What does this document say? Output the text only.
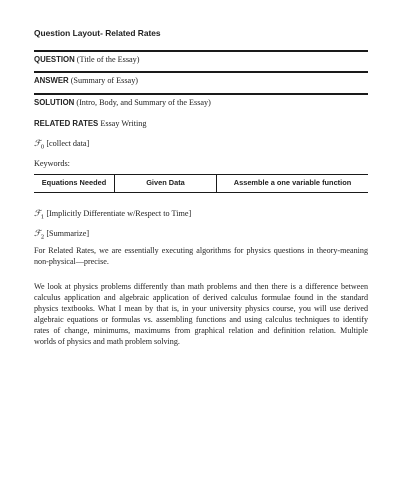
Question Layout- Related Rates
QUESTION (Title of the Essay)
ANSWER (Summary of Essay)
SOLUTION (Intro, Body, and Summary of the Essay)
RELATED RATES Essay Writing
ℱ$_0$ [collect data]
Keywords:
Equations Needed	Given Data	Assemble a one variable function
ℱ$_1$ [Implicitly Differentiate w/Respect to Time]
ℱ$_2$ [Summarize]
For Related Rates, we are essentially executing algorithms for physics questions in theory-meaning non-physical—precise.
We look at physics problems differently than math problems and then there is a difference between calculus application and algebraic application of derived calculus formulae found in the standard physics textbooks. What I mean by that is, in your university physics course, you will use derived algebraic equations or formulas vs. assembling functions and using calculus techniques to identify rates of change, minimums, maximums from graphical relation and definition relation. Multiple worlds of physics and math problem solving.
